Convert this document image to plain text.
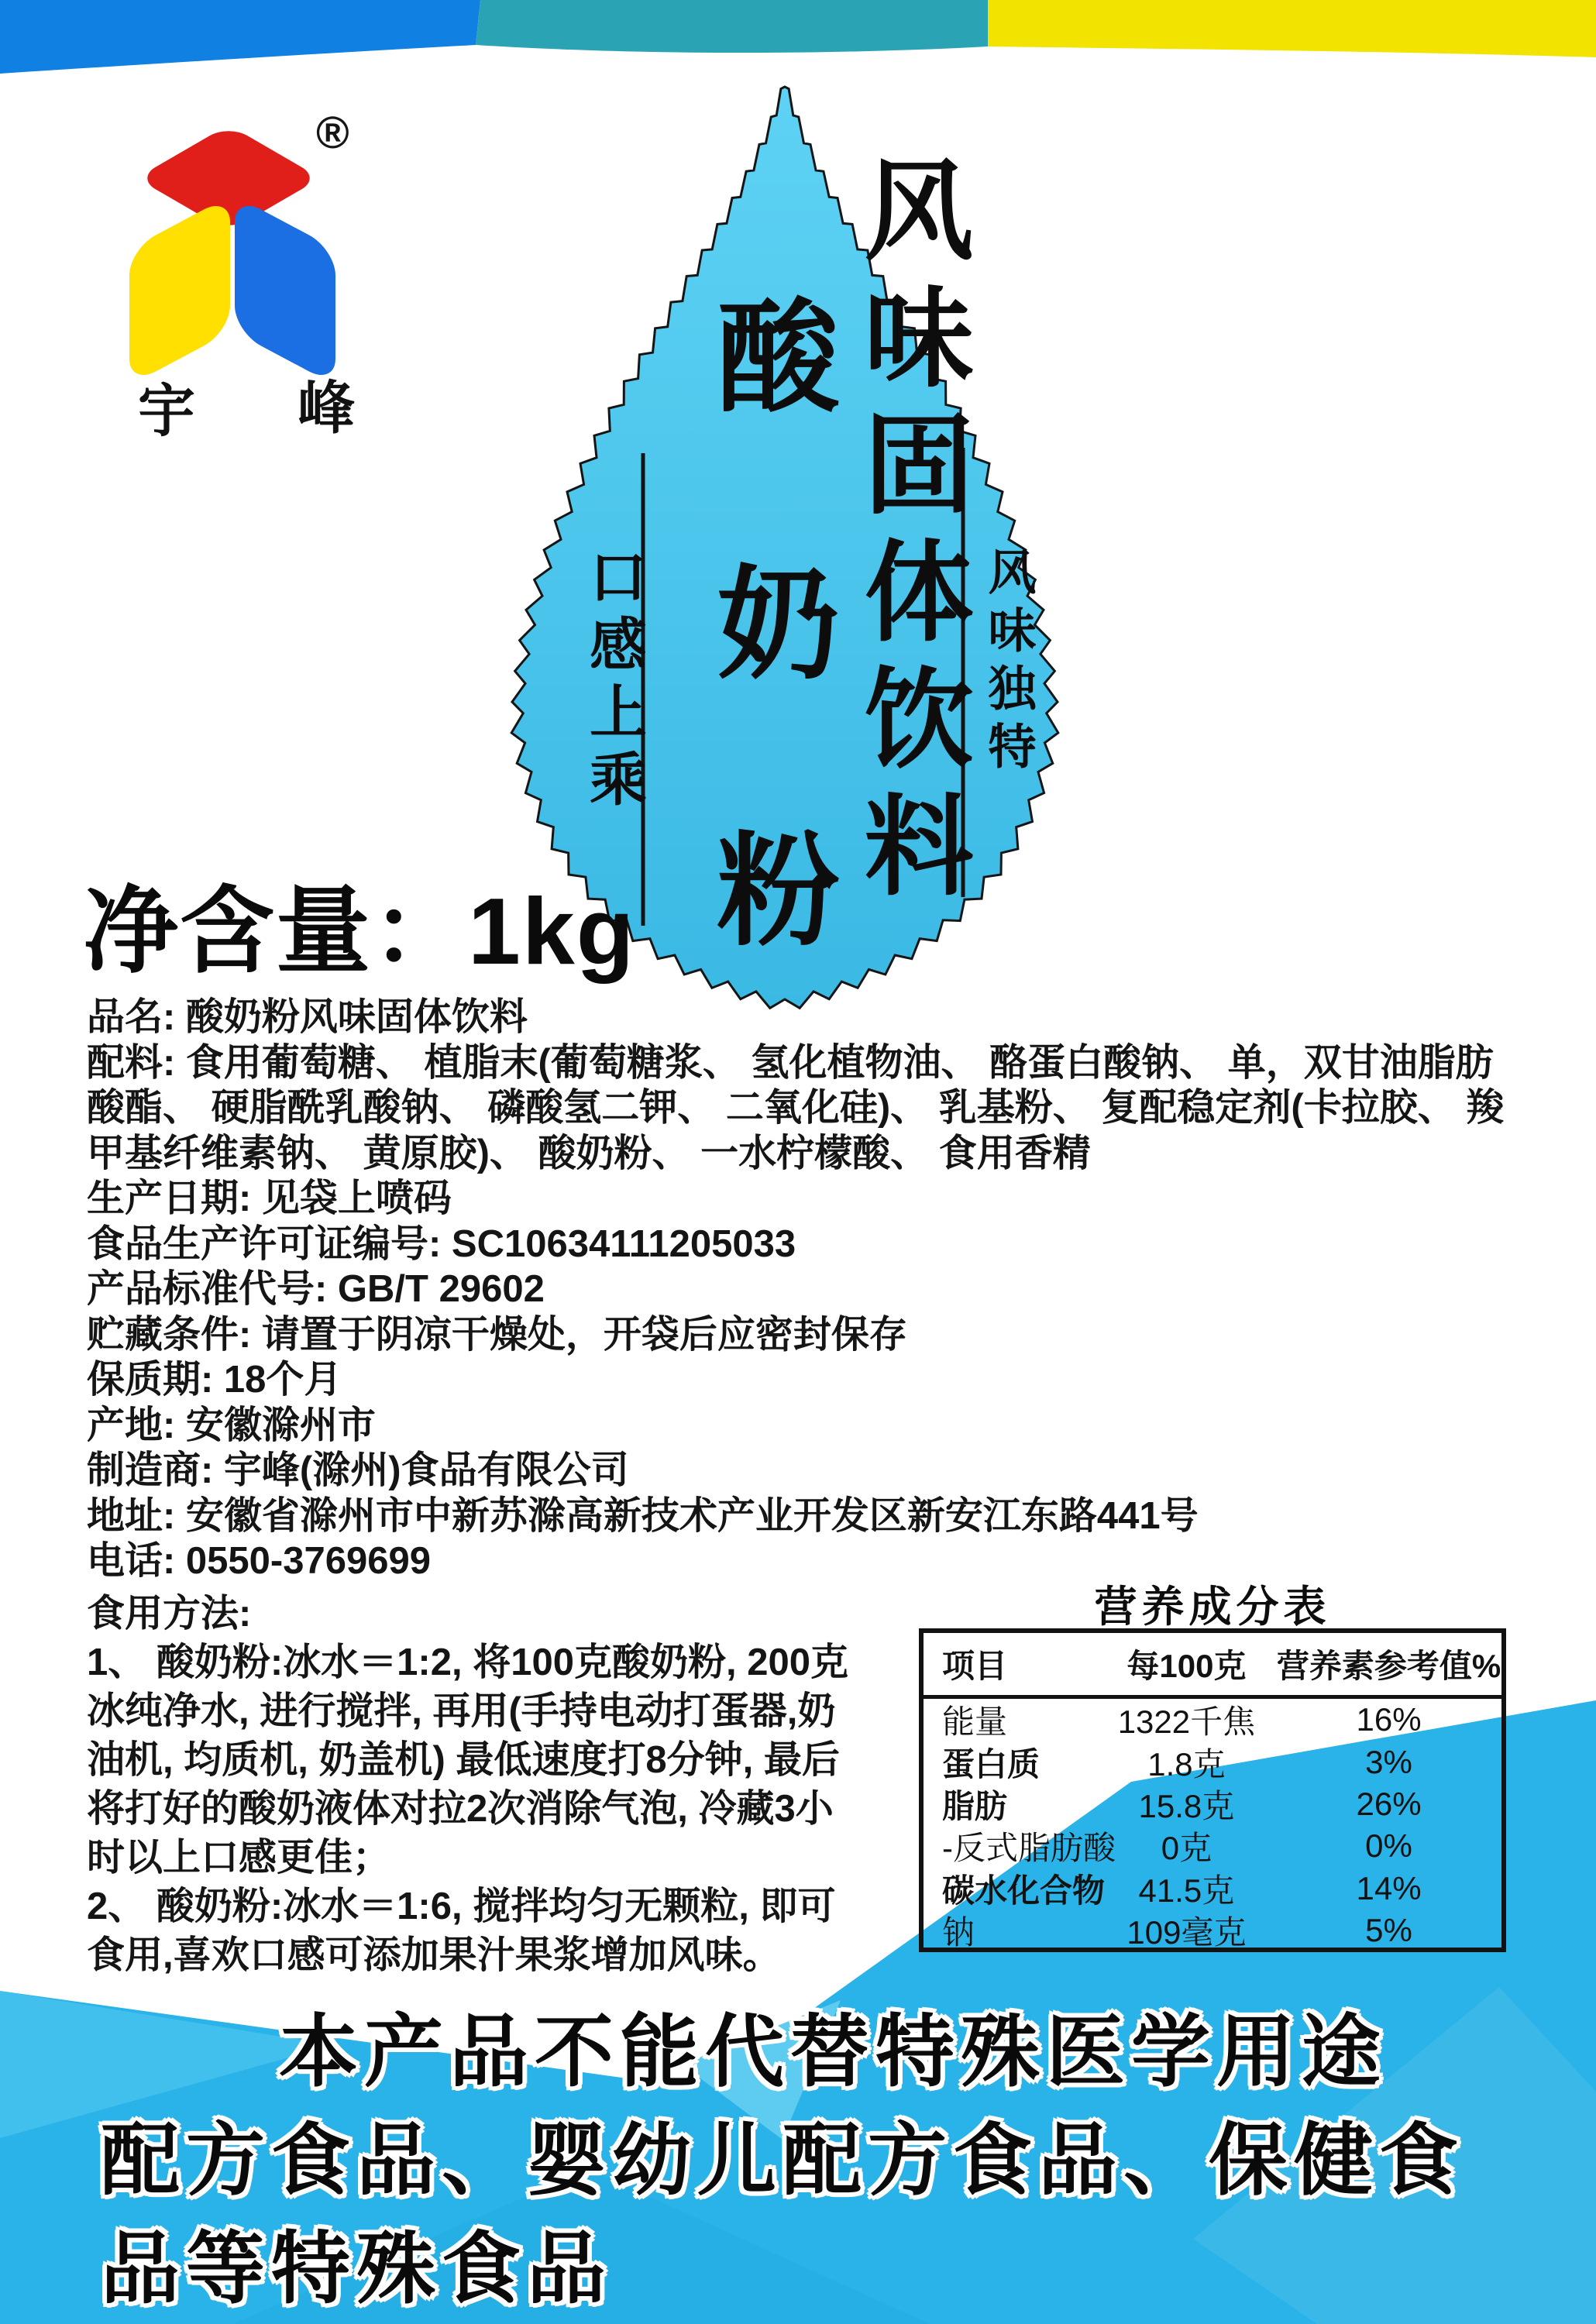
®
宇 峰
口感上乘 酸奶粉 风味固体饮料 风味独特
净含量：1kg
品名: 酸奶粉风味固体饮料
配料: 食用葡萄糖、 植脂末(葡萄糖浆、 氢化植物油、 酪蛋白酸钠、 单，双甘油脂肪
酸酯、 硬脂酰乳酸钠、 磷酸氢二钾、 二氧化硅)、 乳基粉、 复配稳定剂(卡拉胶、 羧
甲基纤维素钠、 黄原胶)、 酸奶粉、 一水柠檬酸、 食用香精
生产日期: 见袋上喷码
食品生产许可证编号: SC10634111205033
产品标准代号: GB/T 29602
贮藏条件: 请置于阴凉干燥处，开袋后应密封保存
保质期: 18个月
产地: 安徽滁州市
制造商: 宇峰(滁州)食品有限公司
地址: 安徽省滁州市中新苏滁高新技术产业开发区新安江东路441号
电话: 0550-3769699
食用方法:
1、 酸奶粉:冰水＝1:2, 将100克酸奶粉, 200克
冰纯净水, 进行搅拌, 再用(手持电动打蛋器,奶
油机, 均质机, 奶盖机) 最低速度打8分钟, 最后
将打好的酸奶液体对拉2次消除气泡, 冷藏3小
时以上口感更佳；
2、 酸奶粉:冰水＝1:6, 搅拌均匀无颗粒, 即可
食用,喜欢口感可添加果汁果浆增加风味。
营养成分表
项目	每100克 营养素参考值%
能量	1322千焦	16%
蛋白质	1.8克	3%
脂肪	15.8克	26%
-反式脂肪酸	0克	0%
碳水化合物	41.5克	14%
钠	109毫克	5%
本产品不能代替特殊医学用途
配方食品、婴幼儿配方食品、保健食
品等特殊食品
